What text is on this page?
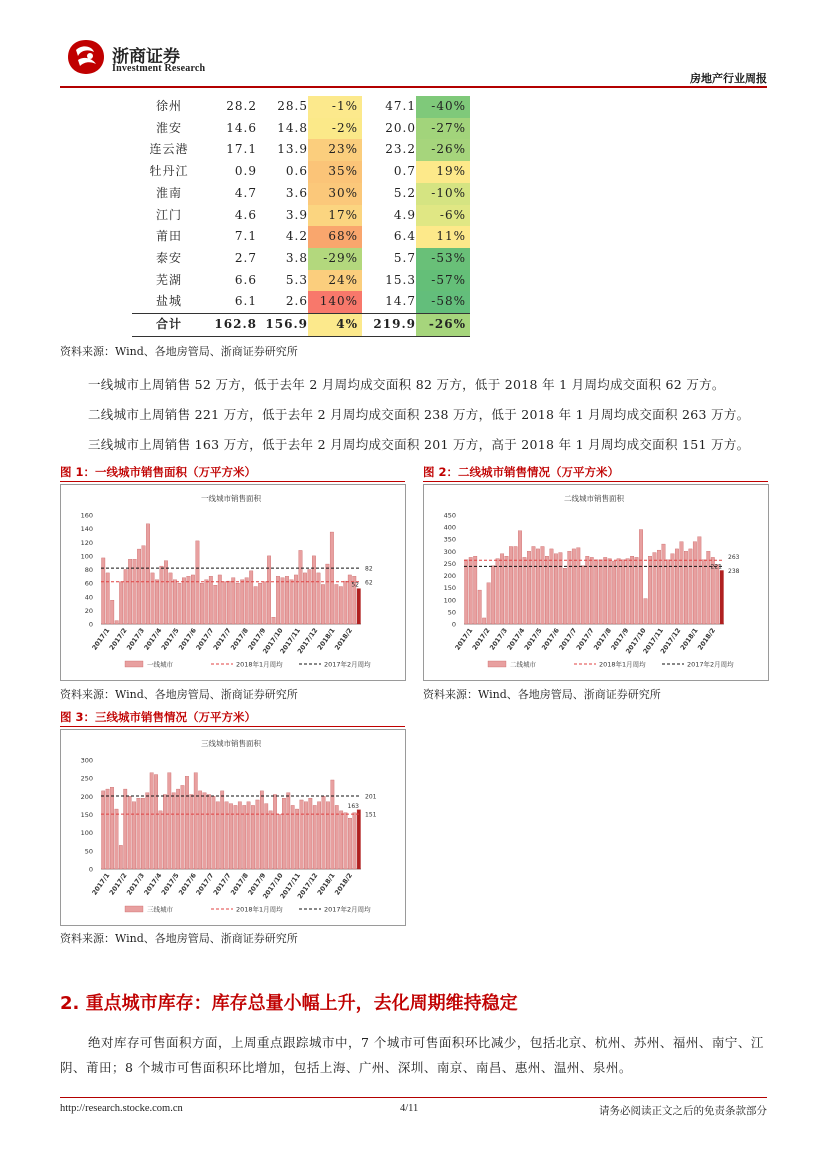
浙商证券
Investment Research
房地产行业周报
徐州	28.2	28.5	-1%	47.1	-40%
淮安	14.6	14.8	-2%	20.0	-27%
连云港	17.1	13.9	23%	23.2	-26%
牡丹江	0.9	0.6	35%	0.7	19%
淮南	4.7	3.6	30%	5.2	-10%
江门	4.6	3.9	17%	4.9	-6%
莆田	7.1	4.2	68%	6.4	11%
泰安	2.7	3.8	-29%	5.7	-53%
芜湖	6.6	5.3	24%	15.3	-57%
盐城	6.1	2.6	140%	14.7	-58%
合计	162.8	156.9	4%	219.9	-26%
资料来源：Wind、各地房管局、浙商证券研究所
一线城市上周销售 52 万方，低于去年 2 月周均成交面积 82 万方，低于 2018 年 1 月周均成交面积 62 万方。
二线城市上周销售 221 万方，低于去年 2 月周均成交面积 238 万方，低于 2018 年 1 月周均成交面积 263 万方。
三线城市上周销售 163 万方，低于去年 2 月周均成交面积 201 万方，高于 2018 年 1 月周均成交面积 151 万方。
图 1：一线城市销售面积（万平方米）
一线城市销售面积
0
20
40
60
80
100
120
140
160
82
62
52
2017/1
2017/2
2017/3
2017/4
2017/5
2017/6
2017/7
2017/7
2017/8
2017/9
2017/10
2017/11
2017/12
2018/1
2018/2
一线城市	2018年1月周均	2017年2月周均
资料来源：Wind、各地房管局、浙商证券研究所
图 2：二线城市销售情况（万平方米）
二线城市销售面积
0
50
100
150
200
250
300
350
400
450
238
263
221
2017/1
2017/2
2017/3
2017/4
2017/5
2017/6
2017/7
2017/7
2017/8
2017/9
2017/10
2017/11
2017/12
2018/1
2018/2
二线城市	2018年1月周均	2017年2月周均
资料来源：Wind、各地房管局、浙商证券研究所
图 3：三线城市销售情况（万平方米）
三线城市销售面积
0
50
100
150
200
250
300
201
151
163
2017/1
2017/2
2017/3
2017/4
2017/5
2017/6
2017/7
2017/7
2017/8
2017/9
2017/10
2017/11
2017/12
2018/1
2018/2
三线城市	2018年1月周均	2017年2月周均
资料来源：Wind、各地房管局、浙商证券研究所
2. 重点城市库存：库存总量小幅上升，去化周期维持稳定
绝对库存可售面积方面，上周重点跟踪城市中，7 个城市可售面积环比减少，包括北京、杭州、苏州、福州、南宁、江阴、莆田；8 个城市可售面积环比增加，包括上海、广州、深圳、南京、南昌、惠州、温州、泉州。
http://research.stocke.com.cn	4/11	请务必阅读正文之后的免责条款部分
